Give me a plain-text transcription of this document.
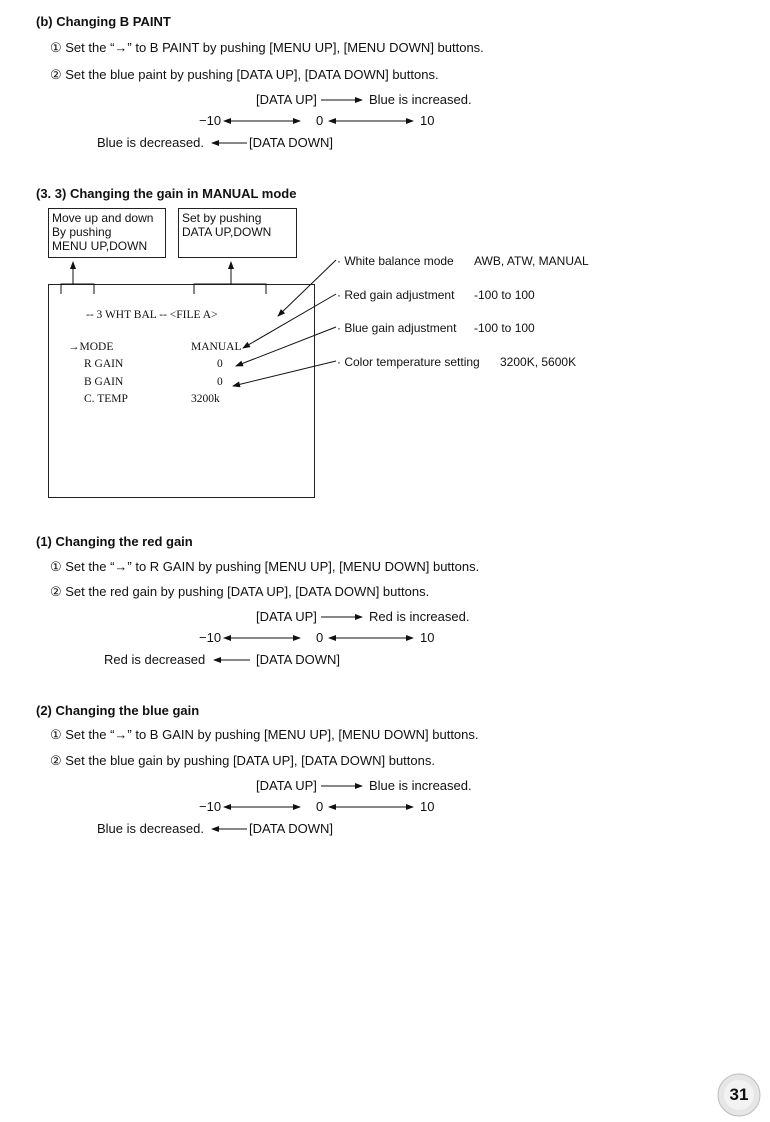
(b) Changing B PAINT
① Set the “→” to B PAINT by pushing [MENU UP], [MENU DOWN] buttons.
② Set the blue paint by pushing [DATA UP], [DATA DOWN] buttons.
[DATA UP]	Blue is increased.
−10	0	10
Blue is decreased.	[DATA DOWN]
(3. 3) Changing the gain in MANUAL mode
Move up and down
By pushing
MENU UP,DOWN
Set by pushing
DATA UP,DOWN
-- 3 WHT BAL -- <FILE A>
→MODE	MANUAL
R GAIN	0
B GAIN	0
C. TEMP	3200k
· White balance mode AWB, ATW, MANUAL
· Red gain adjustment -100 to 100
· Blue gain adjustment -100 to 100
· Color temperature setting 3200K, 5600K
(1) Changing the red gain
① Set the “→” to R GAIN by pushing [MENU UP], [MENU DOWN] buttons.
② Set the red gain by pushing [DATA UP], [DATA DOWN] buttons.
[DATA UP]	Red is increased.
−10	0	10
Red is decreased	[DATA DOWN]
(2) Changing the blue gain
① Set the “→” to B GAIN by pushing [MENU UP], [MENU DOWN] buttons.
② Set the blue gain by pushing [DATA UP], [DATA DOWN] buttons.
[DATA UP]	Blue is increased.
−10	0	10
Blue is decreased.	[DATA DOWN]
31
